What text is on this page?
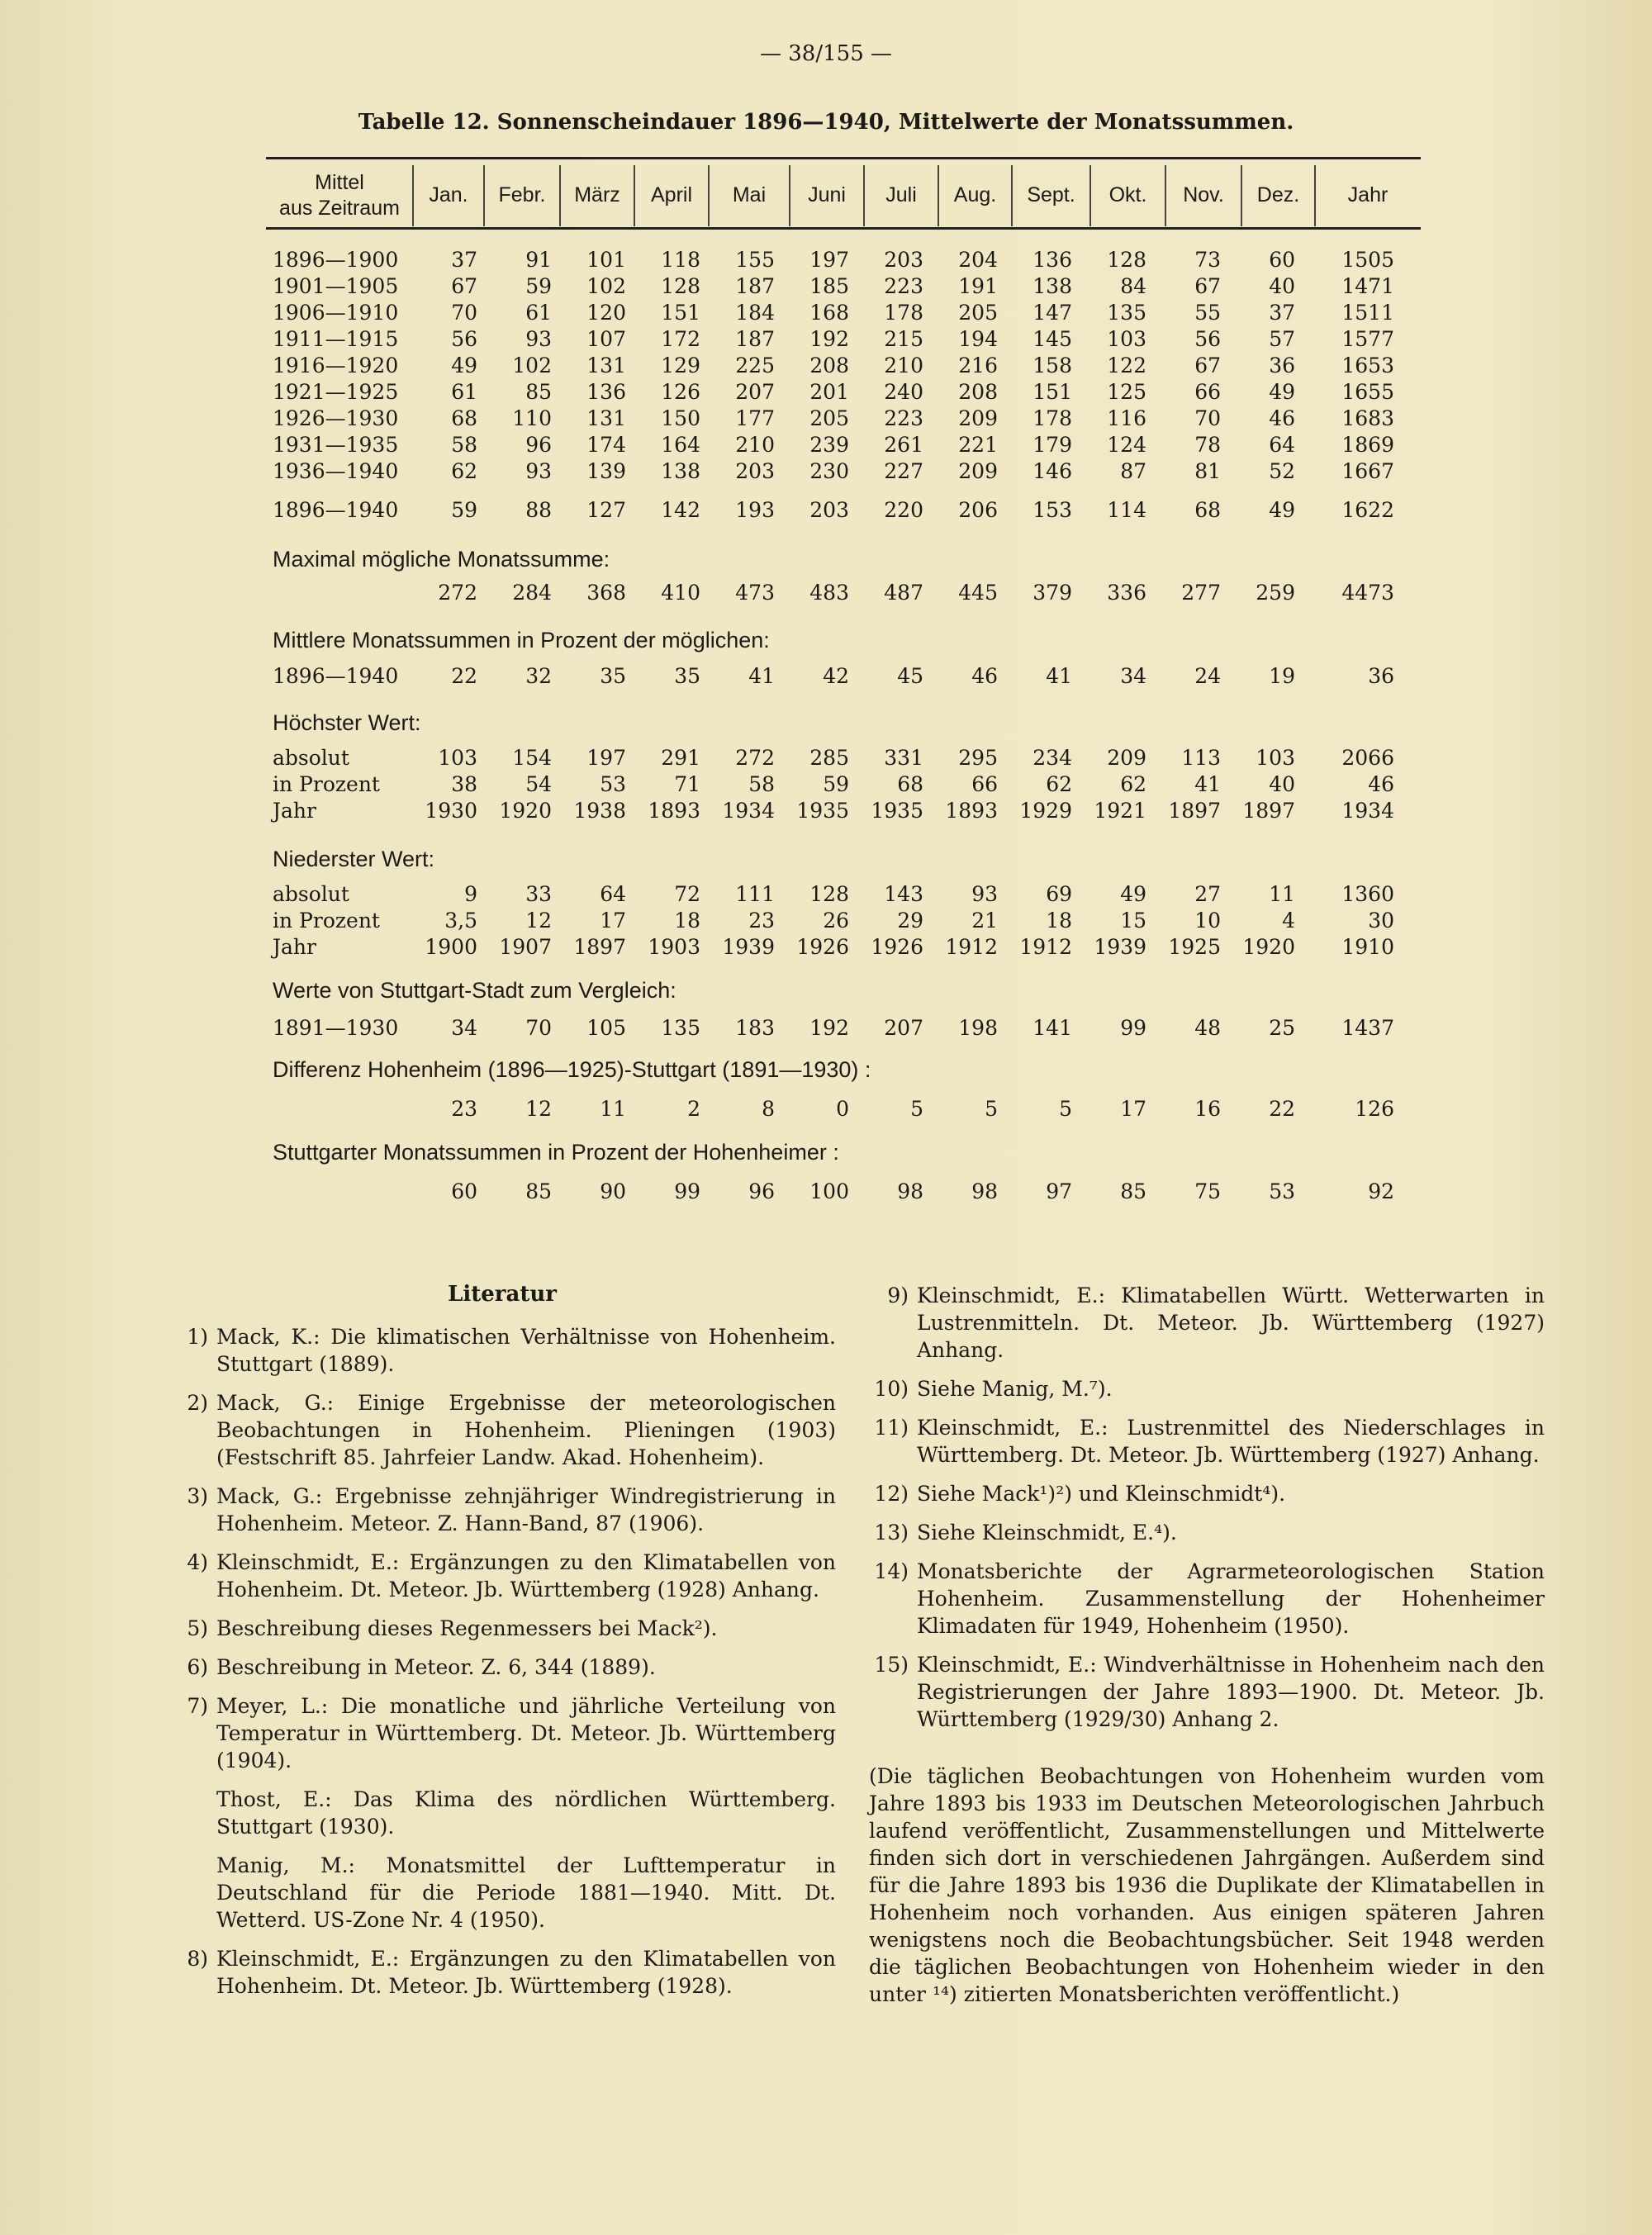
— 38/155 —
Tabelle 12. Sonnenscheindauer 1896—1940, Mittelwerte der Monatssummen.
Mittel
aus Zeitraum
Jan.	Febr.	März	April	Mai	Juni	Juli	Aug.	Sept.	Okt.	Nov.	Dez.	Jahr
1896—1900	37 91 101 118 155 197 203 204 136 128 73 60 1505
1901—1905	67 59 102 128 187 185 223 191 138 84 67 40 1471
1906—1910	70 61 120 151 184 168 178 205 147 135 55 37 1511
1911—1915	56 93 107 172 187 192 215 194 145 103 56 57 1577
1916—1920	49 102 131 129 225 208 210 216 158 122 67 36 1653
1921—1925	61 85 136 126 207 201 240 208 151 125 66 49 1655
1926—1930	68 110 131 150 177 205 223 209 178 116 70 46 1683
1931—1935	58 96 174 164 210 239 261 221 179 124 78 64 1869
1936—1940	62 93 139 138 203 230 227 209 146 87 81 52 1667
1896—1940	59 88 127 142 193 203 220 206 153 114 68 49 1622
Maximal mögliche Monatssumme:
272 284 368 410 473 483 487 445 379 336 277 259 4473
Mittlere Monatssummen in Prozent der möglichen:
1896—1940	22 32 35 35 41 42 45 46 41 34 24 19	36
Höchster Wert:
absolut	103 154 197 291 272 285 331 295 234 209 113 103 2066
in Prozent	38 54 53 71 58 59 68 66 62 62 41 40	46
Jahr	1930 1920 1938 1893 1934 1935 1935 1893 1929 1921 1897 1897 1934
Niederster Wert:
absolut	9 33 64 72 111 128 143 93 69 49 27 11 1360
in Prozent	3,5 12 17 18 23 26 29 21 18 15 10	4	30
Jahr	1900 1907 1897 1903 1939 1926 1926 1912 1912 1939 1925 1920 1910
Werte von Stuttgart-Stadt zum Vergleich:
1891—1930	34 70 105 135 183 192 207 198 141 99 48 25 1437
Differenz Hohenheim (1896—1925)-Stuttgart (1891—1930) :
23 12 11	2	8	0	5	5	5 17 16 22	126
Stuttgarter Monatssummen in Prozent der Hohenheimer :
60 85 90 99 96 100 98 98 97 85 75 53	92
Literatur
1) Mack, K.: Die klimatischen Verhältnisse von Hohenheim. Stuttgart (1889).
2) Mack, G.: Einige Ergebnisse der meteorologischen Beobachtungen in Hohenheim. Plieningen (1903) (Festschrift 85. Jahrfeier Landw. Akad. Hohenheim).
3) Mack, G.: Ergebnisse zehnjähriger Windregistrierung in Hohenheim. Meteor. Z. Hann-Band, 87 (1906).
4) Kleinschmidt, E.: Ergänzungen zu den Klimatabellen von Hohenheim. Dt. Meteor. Jb. Württemberg (1928) Anhang.
5) Beschreibung dieses Regenmessers bei Mack²).
6) Beschreibung in Meteor. Z. 6, 344 (1889).
7) Meyer, L.: Die monatliche und jährliche Verteilung von Temperatur in Württemberg. Dt. Meteor. Jb. Württemberg (1904).
Thost, E.: Das Klima des nördlichen Württemberg. Stuttgart (1930).
Manig, M.: Monatsmittel der Lufttemperatur in Deutschland für die Periode 1881—1940. Mitt. Dt. Wetterd. US-Zone Nr. 4 (1950).
8) Kleinschmidt, E.: Ergänzungen zu den Klimatabellen von Hohenheim. Dt. Meteor. Jb. Württemberg (1928).
9) Kleinschmidt, E.: Klimatabellen Württ. Wetterwarten in Lustrenmitteln. Dt. Meteor. Jb. Württemberg (1927) Anhang.
10) Siehe Manig, M.⁷).
11) Kleinschmidt, E.: Lustrenmittel des Niederschlages in Württemberg. Dt. Meteor. Jb. Württemberg (1927) Anhang.
12) Siehe Mack¹)²) und Kleinschmidt⁴).
13) Siehe Kleinschmidt, E.⁴).
14) Monatsberichte der Agrarmeteorologischen Station Hohenheim. Zusammenstellung der Hohenheimer Klimadaten für 1949, Hohenheim (1950).
15) Kleinschmidt, E.: Windverhältnisse in Hohenheim nach den Registrierungen der Jahre 1893—1900. Dt. Meteor. Jb. Württemberg (1929/30) Anhang 2.
(Die täglichen Beobachtungen von Hohenheim wurden vom Jahre 1893 bis 1933 im Deutschen Meteorologischen Jahrbuch laufend veröffentlicht, Zusammenstellungen und Mittelwerte finden sich dort in verschiedenen Jahrgängen. Außerdem sind für die Jahre 1893 bis 1936 die Duplikate der Klimatabellen in Hohenheim noch vorhanden. Aus einigen späteren Jahren wenigstens noch die Beobachtungsbücher. Seit 1948 werden die täglichen Beobachtungen von Hohenheim wieder in den unter ¹⁴) zitierten Monatsberichten veröffentlicht.)
